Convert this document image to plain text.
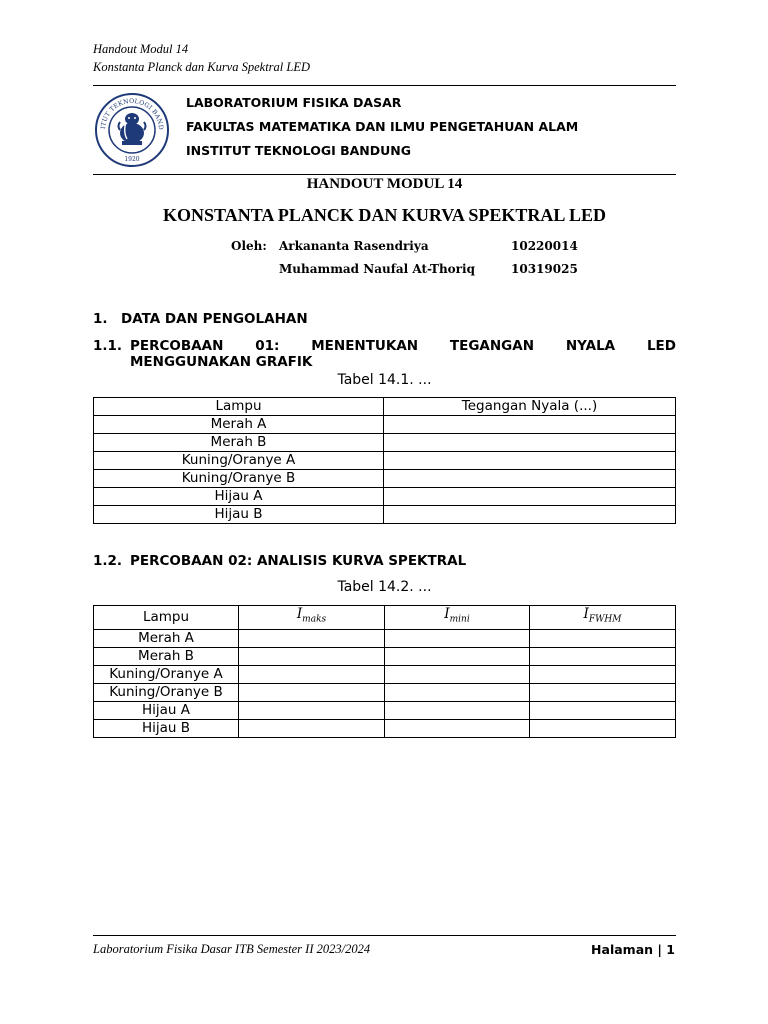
Handout Modul 14
Konstanta Planck dan Kurva Spektral LED
ITUT TEKNOLOGI BAND
1920
LABORATORIUM FISIKA DASAR
FAKULTAS MATEMATIKA DAN ILMU PENGETAHUAN ALAM
INSTITUT TEKNOLOGI BANDUNG
HANDOUT MODUL 14
KONSTANTA PLANCK DAN KURVA SPEKTRAL LED
Oleh: Arkananta Rasendriya	10220014
Muhammad Naufal At-Thoriq	10319025
1. DATA DAN PENGOLAHAN
1.1. PERCOBAAN 01: MENENTUKAN TEGANGAN NYALA LED
MENGGUNAKAN GRAFIK
Tabel 14.1. ...
Lampu	Tegangan Nyala (...)
Merah A	
Merah B	
Kuning/Oranye A	
Kuning/Oranye B	
Hijau A	
Hijau B	
1.2. PERCOBAAN 02: ANALISIS KURVA SPEKTRAL
Tabel 14.2. ...
Lampu	$I_{maks}$	$I_{mini}$	$I_{FWHM}$
Merah A			
Merah B			
Kuning/Oranye A			
Kuning/Oranye B			
Hijau A			
Hijau B			
Laboratorium Fisika Dasar ITB Semester II 2023/2024	Halaman | 1
